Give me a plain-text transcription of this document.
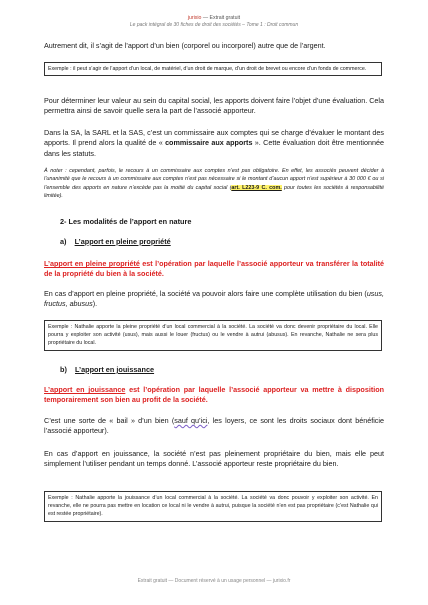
jurixio — Extrait gratuit
Le pack intégral de 30 fiches de droit des sociétés – Tome 1 : Droit commun

Autrement dit, il s’agit de l’apport d’un bien (corporel ou incorporel) autre que de l’argent.

Exemple : il peut s’agir de l’apport d’un local, de matériel, d’un droit de marque, d’un droit de brevet ou encore d’un fonds de commerce.

Pour déterminer leur valeur au sein du capital social, les apports doivent faire l’objet d’une évaluation. Cela permettra ainsi de savoir quelle sera la part de l’associé apporteur.

Dans la SA, la SARL et la SAS, c’est un commissaire aux comptes qui se charge d’évaluer le montant des apports. Il prend alors la qualité de « commissaire aux apports ». Cette évaluation doit être mentionnée dans les statuts.

À noter : cependant, parfois, le recours à un commissaire aux comptes n’est pas obligatoire. En effet, les associés peuvent décider à l’unanimité que le recours à un commissaire aux comptes n’est pas nécessaire si le montant d’aucun apport n’est supérieur à 30 000 € ou si l’ensemble des apports en nature n’excède pas la moitié du capital social (art. L223-9 C. com. pour toutes les sociétés à responsabilité limitée).

2- Les modalités de l’apport en nature
a) L’apport en pleine propriété

L’apport en pleine propriété est l’opération par laquelle l’associé apporteur va transférer la totalité de la propriété du bien à la société.

En cas d’apport en pleine propriété, la société va pouvoir alors faire une complète utilisation du bien (usus, fructus, abusus).

Exemple : Nathalie apporte la pleine propriété d’un local commercial à la société. La société va donc devenir propriétaire du local. Elle pourra y exploiter son activité (usus), mais aussi le louer (fructus) ou le vendre à autrui (abusus). En revanche, Nathalie ne sera plus propriétaire du local.
b) L’apport en jouissance

L’apport en jouissance est l’opération par laquelle l’associé apporteur va mettre à disposition temporairement son bien au profit de la société.

C’est une sorte de « bail » d’un bien (sauf qu’ici, les loyers, ce sont les droits sociaux dont bénéficie l’associé apporteur).

En cas d’apport en jouissance, la société n’est pas pleinement propriétaire du bien, mais elle peut simplement l’utiliser pendant un temps donné. L’associé apporteur reste propriétaire du bien.

Exemple : Nathalie apporte la jouissance d’un local commercial à la société. La société va donc pouvoir y exploiter son activité. En revanche, elle ne pourra pas mettre en location ce local ni le vendre à autrui, puisque la société n’en est pas propriétaire (c’est Nathalie qui est restée propriétaire).
Extrait gratuit — Document réservé à un usage personnel — jurixio.fr
